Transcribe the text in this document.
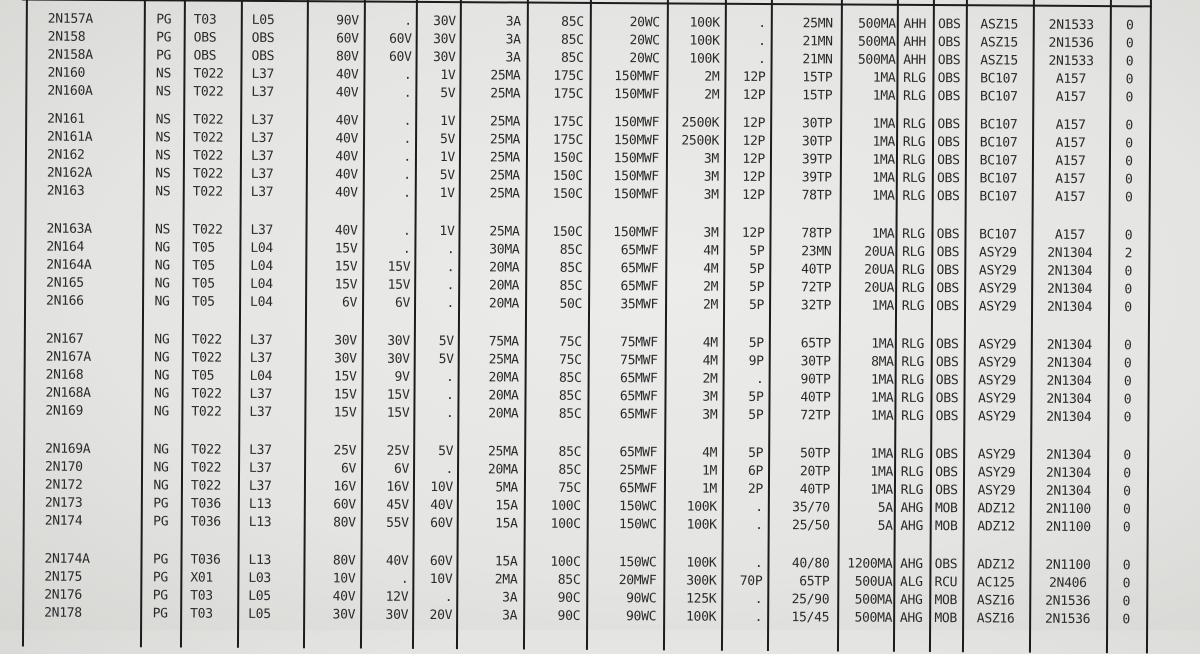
2N157A	PG	T03	L05	90V	.	30V	3A	85C	20WC	100K	.	25MN	500MA AHH OBS	ASZ15	2N1533	0
2N158	PG	OBS	OBS	60V	60V	30V	3A	85C	20WC	100K	.	21MN	500MA AHH OBS	ASZ15	2N1536	0
2N158A	PG	OBS	OBS	80V	60V	30V	3A	85C	20WC	100K	.	21MN	500MA AHH OBS	ASZ15	2N1533	0
2N160	NS	T022	L37	40V	.	1V	25MA	175C	150MWF	2M	12P	15TP	1MA RLG OBS	BC107	A157	0
2N160A	NS	T022	L37	40V	.	5V	25MA	175C	150MWF	2M	12P	15TP	1MA RLG OBS	BC107	A157	0
2N161	NS	T022	L37	40V	.	1V	25MA	175C	150MWF	2500K	12P	30TP	1MA RLG OBS	BC107	A157	0
2N161A	NS	T022	L37	40V	.	5V	25MA	175C	150MWF	2500K	12P	30TP	1MA RLG OBS	BC107	A157	0
2N162	NS	T022	L37	40V	.	1V	25MA	150C	150MWF	3M	12P	39TP	1MA RLG OBS	BC107	A157	0
2N162A	NS	T022	L37	40V	.	5V	25MA	150C	150MWF	3M	12P	39TP	1MA RLG OBS	BC107	A157	0
2N163	NS	T022	L37	40V	.	1V	25MA	150C	150MWF	3M	12P	78TP	1MA RLG OBS	BC107	A157	0
2N163A	NS	T022	L37	40V	.	1V	25MA	150C	150MWF	3M	12P	78TP	1MA RLG OBS	BC107	A157	0
2N164	NG	T05	L04	15V	.	.	30MA	85C	65MWF	4M	5P	23MN	20UA RLG OBS	ASY29	2N1304	2
2N164A	NG	T05	L04	15V	15V	.	20MA	85C	65MWF	4M	5P	40TP	20UA RLG OBS	ASY29	2N1304	0
2N165	NG	T05	L04	15V	15V	.	20MA	85C	65MWF	2M	5P	72TP	20UA RLG OBS	ASY29	2N1304	0
2N166	NG	T05	L04	6V	6V	.	20MA	50C	35MWF	2M	5P	32TP	1MA RLG OBS	ASY29	2N1304	0
2N167	NG	T022	L37	30V	30V	5V	75MA	75C	75MWF	4M	5P	65TP	1MA RLG OBS	ASY29	2N1304	0
2N167A	NG	T022	L37	30V	30V	5V	25MA	75C	75MWF	4M	9P	30TP	8MA RLG OBS	ASY29	2N1304	0
2N168	NG	T05	L04	15V	9V	.	20MA	85C	65MWF	2M	.	90TP	1MA RLG OBS	ASY29	2N1304	0
2N168A	NG	T022	L37	15V	15V	.	20MA	85C	65MWF	3M	5P	40TP	1MA RLG OBS	ASY29	2N1304	0
2N169	NG	T022	L37	15V	15V	.	20MA	85C	65MWF	3M	5P	72TP	1MA RLG OBS	ASY29	2N1304	0
2N169A	NG	T022	L37	25V	25V	5V	25MA	85C	65MWF	4M	5P	50TP	1MA RLG OBS	ASY29	2N1304	0
2N170	NG	T022	L37	6V	6V	.	20MA	85C	25MWF	1M	6P	20TP	1MA RLG OBS	ASY29	2N1304	0
2N172	NG	T022	L37	16V	16V	10V	5MA	75C	65MWF	1M	2P	40TP	1MA RLG OBS	ASY29	2N1304	0
2N173	PG	T036	L13	60V	45V	40V	15A	100C	150WC	100K	.	35/70	5A AHG MOB	ADZ12	2N1100	0
2N174	PG	T036	L13	80V	55V	60V	15A	100C	150WC	100K	.	25/50	5A AHG MOB	ADZ12	2N1100	0
2N174A	PG	T036	L13	80V	40V	60V	15A	100C	150WC	100K	.	40/80	1200MA AHG OBS	ADZ12	2N1100	0
2N175	PG	X01	L03	10V	.	10V	2MA	85C	20MWF	300K	70P	65TP	500UA ALG RCU	AC125	2N406	0
2N176	PG	T03	L05	40V	12V	.	3A	90C	90WC	125K	.	25/90	500MA AHG MOB	ASZ16	2N1536	0
2N178	PG	T03	L05	30V	30V	20V	3A	90C	90WC	100K	.	15/45	500MA AHG MOB	ASZ16	2N1536	0
